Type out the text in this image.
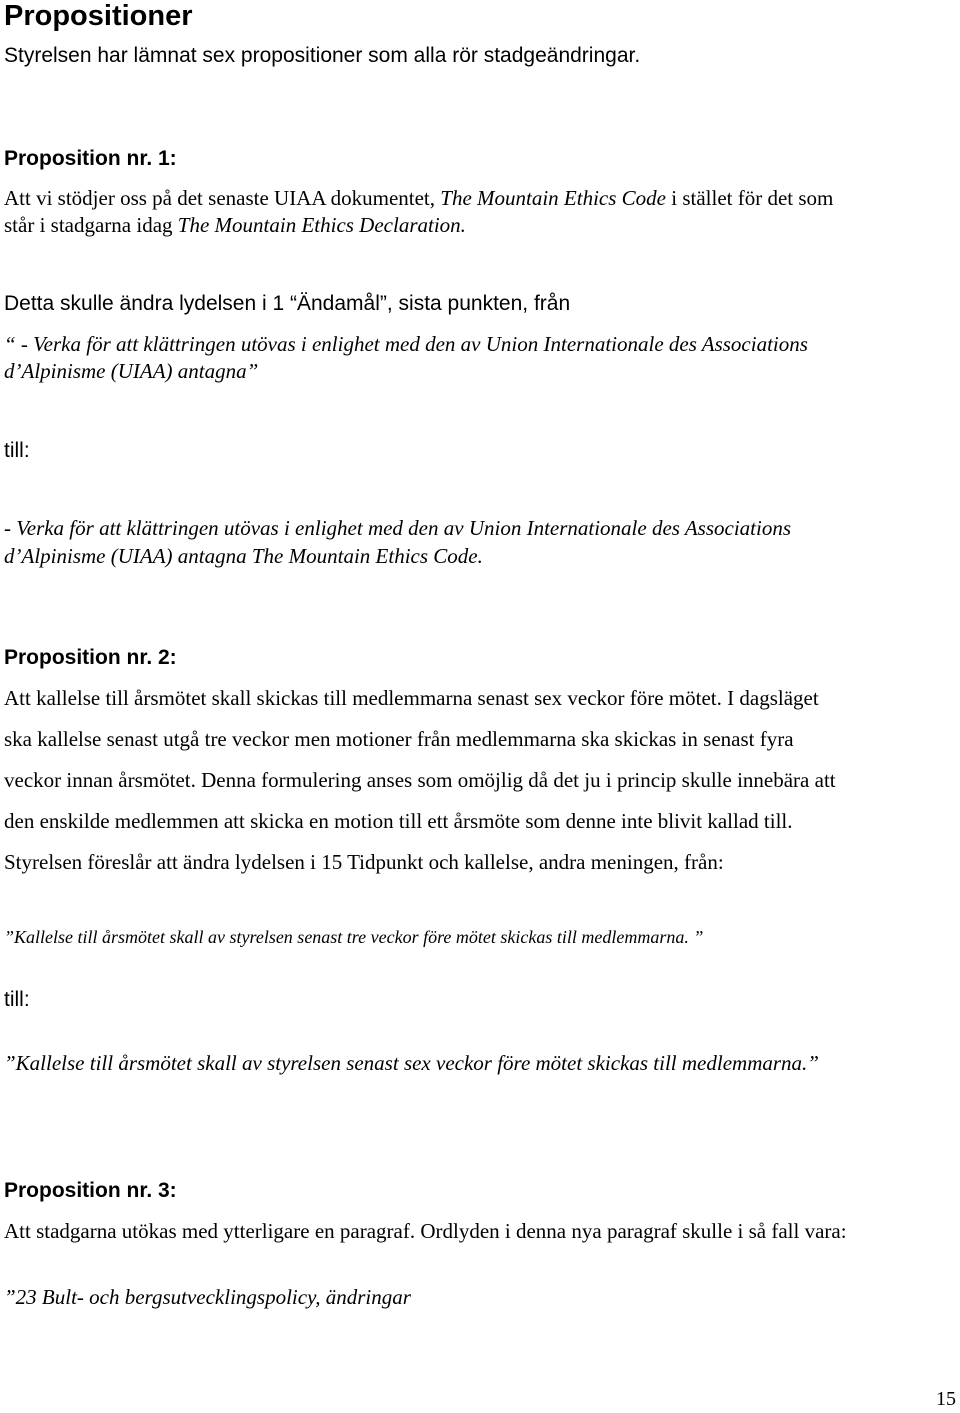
Propositioner

Styrelsen har lämnat sex propositioner som alla rör stadgeändringar.

Proposition nr. 1:

Att vi stödjer oss på det senaste UIAA dokumentet, The Mountain Ethics Code i stället för det som

står i stadgarna idag The Mountain Ethics Declaration.

Detta skulle ändra lydelsen i 1 “Ändamål”, sista punkten, från

“ - Verka för att klättringen utövas i enlighet med den av Union Internationale des Associations

d’Alpinisme (UIAA) antagna”

till:

- Verka för att klättringen utövas i enlighet med den av Union Internationale des Associations

d’Alpinisme (UIAA) antagna The Mountain Ethics Code.

Proposition nr. 2:

Att kallelse till årsmötet skall skickas till medlemmarna senast sex veckor före mötet. I dagsläget

ska kallelse senast utgå tre veckor men motioner från medlemmarna ska skickas in senast fyra

veckor innan årsmötet. Denna formulering anses som omöjlig då det ju i princip skulle innebära att

den enskilde medlemmen att skicka en motion till ett årsmöte som denne inte blivit kallad till.

Styrelsen föreslår att ändra lydelsen i 15 Tidpunkt och kallelse, andra meningen, från:

”Kallelse till årsmötet skall av styrelsen senast tre veckor före mötet skickas till medlemmarna. ”

till:

”Kallelse till årsmötet skall av styrelsen senast sex veckor före mötet skickas till medlemmarna.”

Proposition nr. 3:

Att stadgarna utökas med ytterligare en paragraf. Ordlyden i denna nya paragraf skulle i så fall vara:

”23 Bult- och bergsutvecklingspolicy, ändringar

15
